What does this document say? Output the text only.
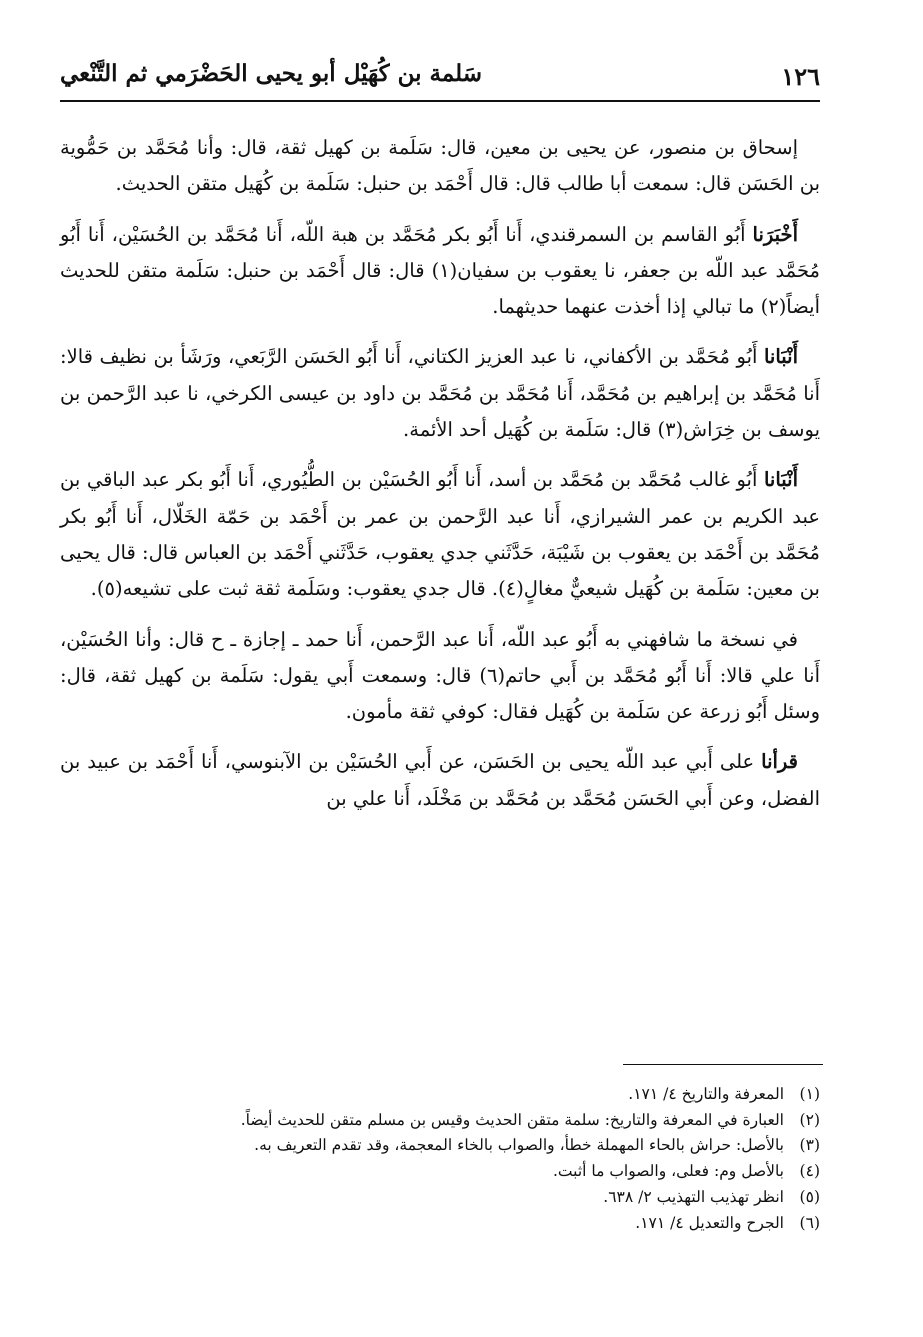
١٢٦
سَلمة بن كُهَيْل أبو يحيى الحَضْرَمي ثم التَّنْعي

إسحاق بن منصور، عن يحيى بن معين، قال: سَلَمة بن كهيل ثقة، قال: وأنا مُحَمَّد بن حَمُّوية بن الحَسَن قال: سمعت أبا طالب قال: قال أَحْمَد بن حنبل: سَلَمة بن كُهَيل متقن الحديث.

أَخْبَرَنا أَبُو القاسم بن السمرقندي، أَنا أَبُو بكر مُحَمَّد بن هبة اللّه، أَنا مُحَمَّد بن الحُسَيْن، أَنا أَبُو مُحَمَّد عبد اللّه بن جعفر، نا يعقوب بن سفيان(١) قال: قال أَحْمَد بن حنبل: سَلَمة متقن للحديث أيضاً(٢) ما تبالي إذا أخذت عنهما حديثهما.

أَنْبَانا أَبُو مُحَمَّد بن الأكفاني، نا عبد العزيز الكتاني، أَنا أَبُو الحَسَن الرَّبَعي، ورَشَأ بن نظيف قالا: أَنا مُحَمَّد بن إبراهيم بن مُحَمَّد، أَنا مُحَمَّد بن مُحَمَّد بن داود بن عيسى الكرخي، نا عبد الرَّحمن بن يوسف بن خِرَاش(٣) قال: سَلَمة بن كُهَيل أحد الأئمة.

أَنْبَانا أَبُو غالب مُحَمَّد بن مُحَمَّد بن أسد، أَنا أَبُو الحُسَيْن بن الطُّيُوري، أَنا أَبُو بكر عبد الباقي بن عبد الكريم بن عمر الشيرازي، أَنا عبد الرَّحمن بن عمر بن أَحْمَد بن حَمّة الخَلّال، أَنا أَبُو بكر مُحَمَّد بن أَحْمَد بن يعقوب بن شَيْبَة، حَدَّثَني جدي يعقوب، حَدَّثَني أَحْمَد بن العباس قال: قال يحيى بن معين: سَلَمة بن كُهَيل شيعيٌّ مغالٍ(٤). قال جدي يعقوب: وسَلَمة ثقة ثبت على تشيعه(٥).

في نسخة ما شافهني به أَبُو عبد اللّه، أَنا عبد الرَّحمن، أَنا حمد ـ إجازة ـ ح قال: وأنا الحُسَيْن، أَنا علي قالا: أَنا أَبُو مُحَمَّد بن أَبي حاتم(٦) قال: وسمعت أَبي يقول: سَلَمة بن كهيل ثقة، قال: وسئل أَبُو زرعة عن سَلَمة بن كُهَيل فقال: كوفي ثقة مأمون.

قرأنا على أَبي عبد اللّه يحيى بن الحَسَن، عن أَبي الحُسَيْن بن الآبنوسي، أَنا أَحْمَد بن عبيد بن الفضل، وعن أَبي الحَسَن مُحَمَّد بن مُحَمَّد بن مَخْلَد، أَنا علي بن

(١)المعرفة والتاريخ ٤/ ١٧١.

(٢)العبارة في المعرفة والتاريخ: سلمة متقن الحديث وقيس بن مسلم متقن للحديث أيضاً.

(٣)بالأصل: حراش بالحاء المهملة خطأ، والصواب بالخاء المعجمة، وقد تقدم التعريف به.

(٤)بالأصل وم: فعلى، والصواب ما أثبت.

(٥)انظر تهذيب التهذيب ٢/ ٦٣٨.

(٦)الجرح والتعديل ٤/ ١٧١.
